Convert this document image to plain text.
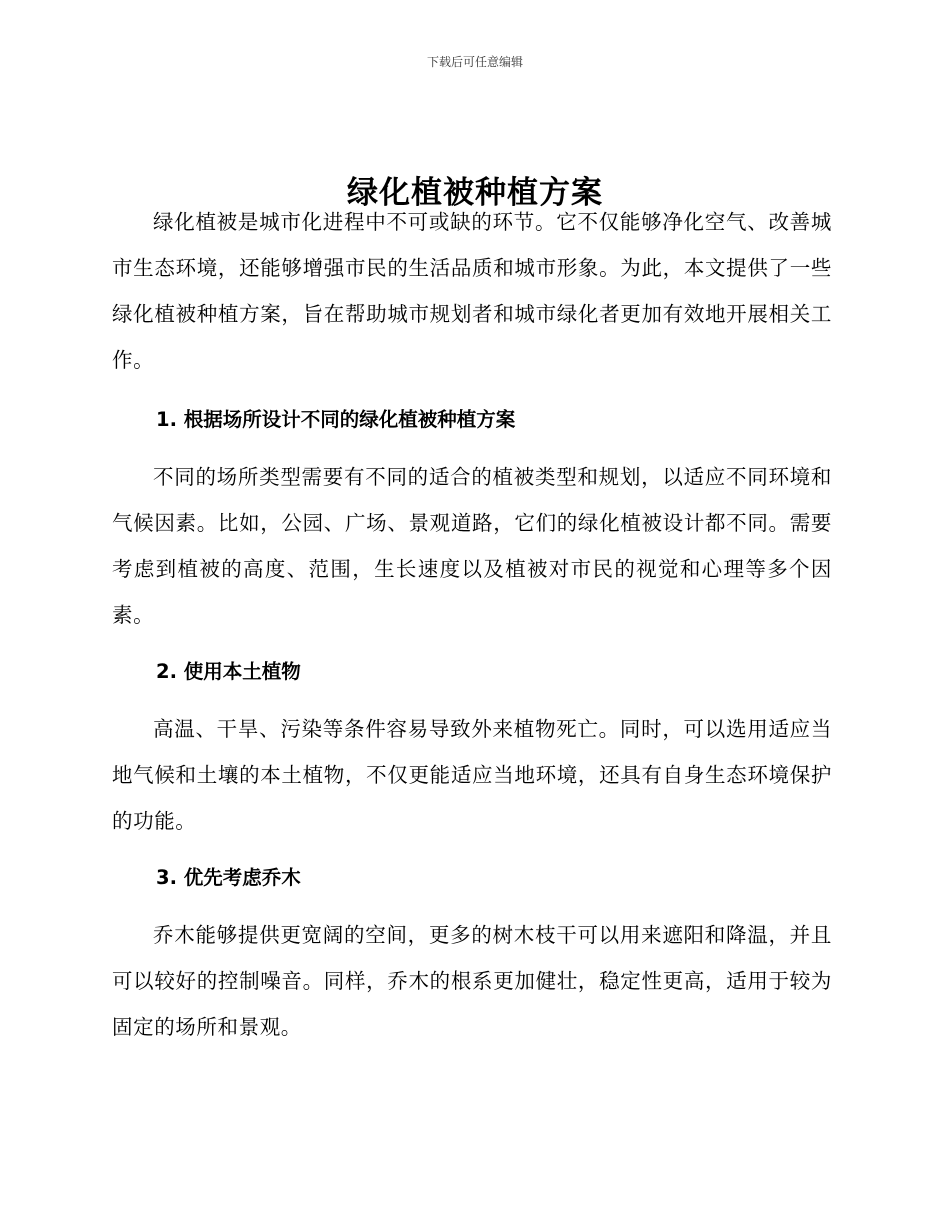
下载后可任意编辑
绿化植被种植方案

绿化植被是城市化进程中不可或缺的环节。它不仅能够净化空气、改善城市生态环境，还能够增强市民的生活品质和城市形象。为此，本文提供了一些绿化植被种植方案，旨在帮助城市规划者和城市绿化者更加有效地开展相关工作。

1. 根据场所设计不同的绿化植被种植方案

不同的场所类型需要有不同的适合的植被类型和规划，以适应不同环境和气候因素。比如，公园、广场、景观道路，它们的绿化植被设计都不同。需要考虑到植被的高度、范围，生长速度以及植被对市民的视觉和心理等多个因素。

2. 使用本土植物

高温、干旱、污染等条件容易导致外来植物死亡。同时，可以选用适应当地气候和土壤的本土植物，不仅更能适应当地环境，还具有自身生态环境保护的功能。

3. 优先考虑乔木

乔木能够提供更宽阔的空间，更多的树木枝干可以用来遮阳和降温，并且可以较好的控制噪音。同样，乔木的根系更加健壮，稳定性更高，适用于较为固定的场所和景观。
